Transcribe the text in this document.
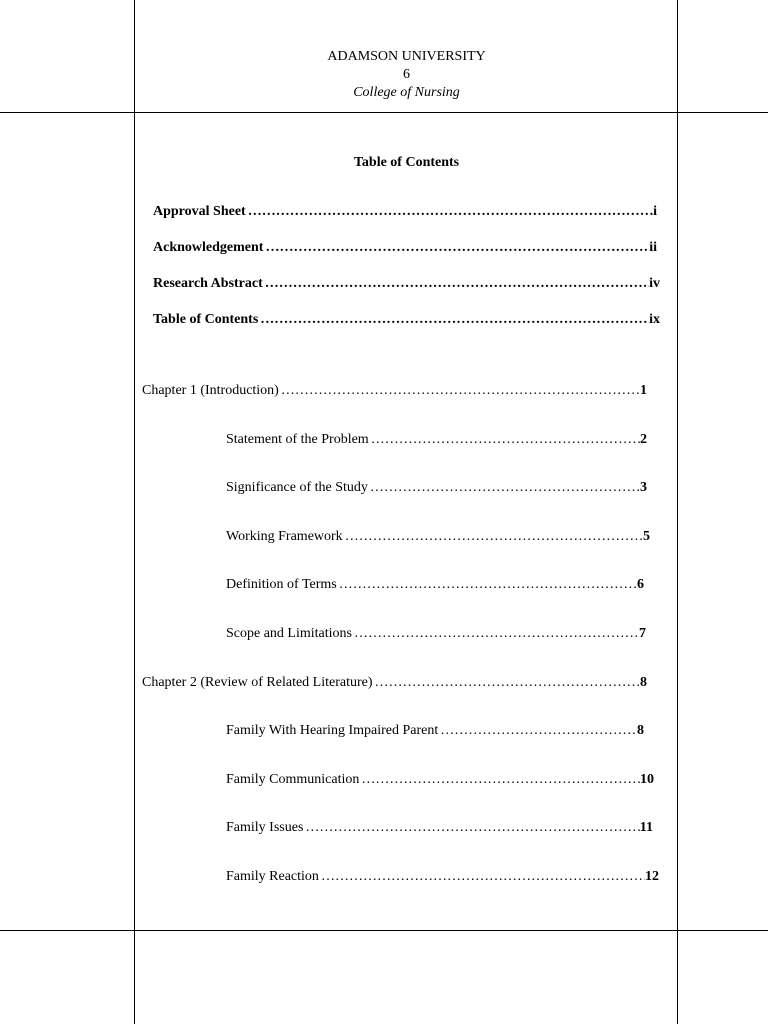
ADAMSON UNIVERSITY
6
College of Nursing
Table of Contents
Approval Sheet …………………………………………………………………………………………………………………………………………………………………………………………	i
Acknowledgement …………………………………………………………………………………………………………………………………………………………………………………………	ii
Research Abstract …………………………………………………………………………………………………………………………………………………………………………………………	iv
Table of Contents …………………………………………………………………………………………………………………………………………………………………………………………	ix
Chapter 1 (Introduction) …………………………………………………………………………………………………………………………………………………………………………………………	1
Statement of the Problem …………………………………………………………………………………………………………………………………………………………………………………………	2
Significance of the Study …………………………………………………………………………………………………………………………………………………………………………………………	3
Working Framework …………………………………………………………………………………………………………………………………………………………………………………………	5
Definition of Terms …………………………………………………………………………………………………………………………………………………………………………………………	6
Scope and Limitations …………………………………………………………………………………………………………………………………………………………………………………………	7
Chapter 2 (Review of Related Literature) …………………………………………………………………………………………………………………………………………………………………………………………	8
Family With Hearing Impaired Parent …………………………………………………………………………………………………………………………………………………………………………………………	8
Family Communication …………………………………………………………………………………………………………………………………………………………………………………………	10
Family Issues …………………………………………………………………………………………………………………………………………………………………………………………	11
Family Reaction …………………………………………………………………………………………………………………………………………………………………………………………	12
